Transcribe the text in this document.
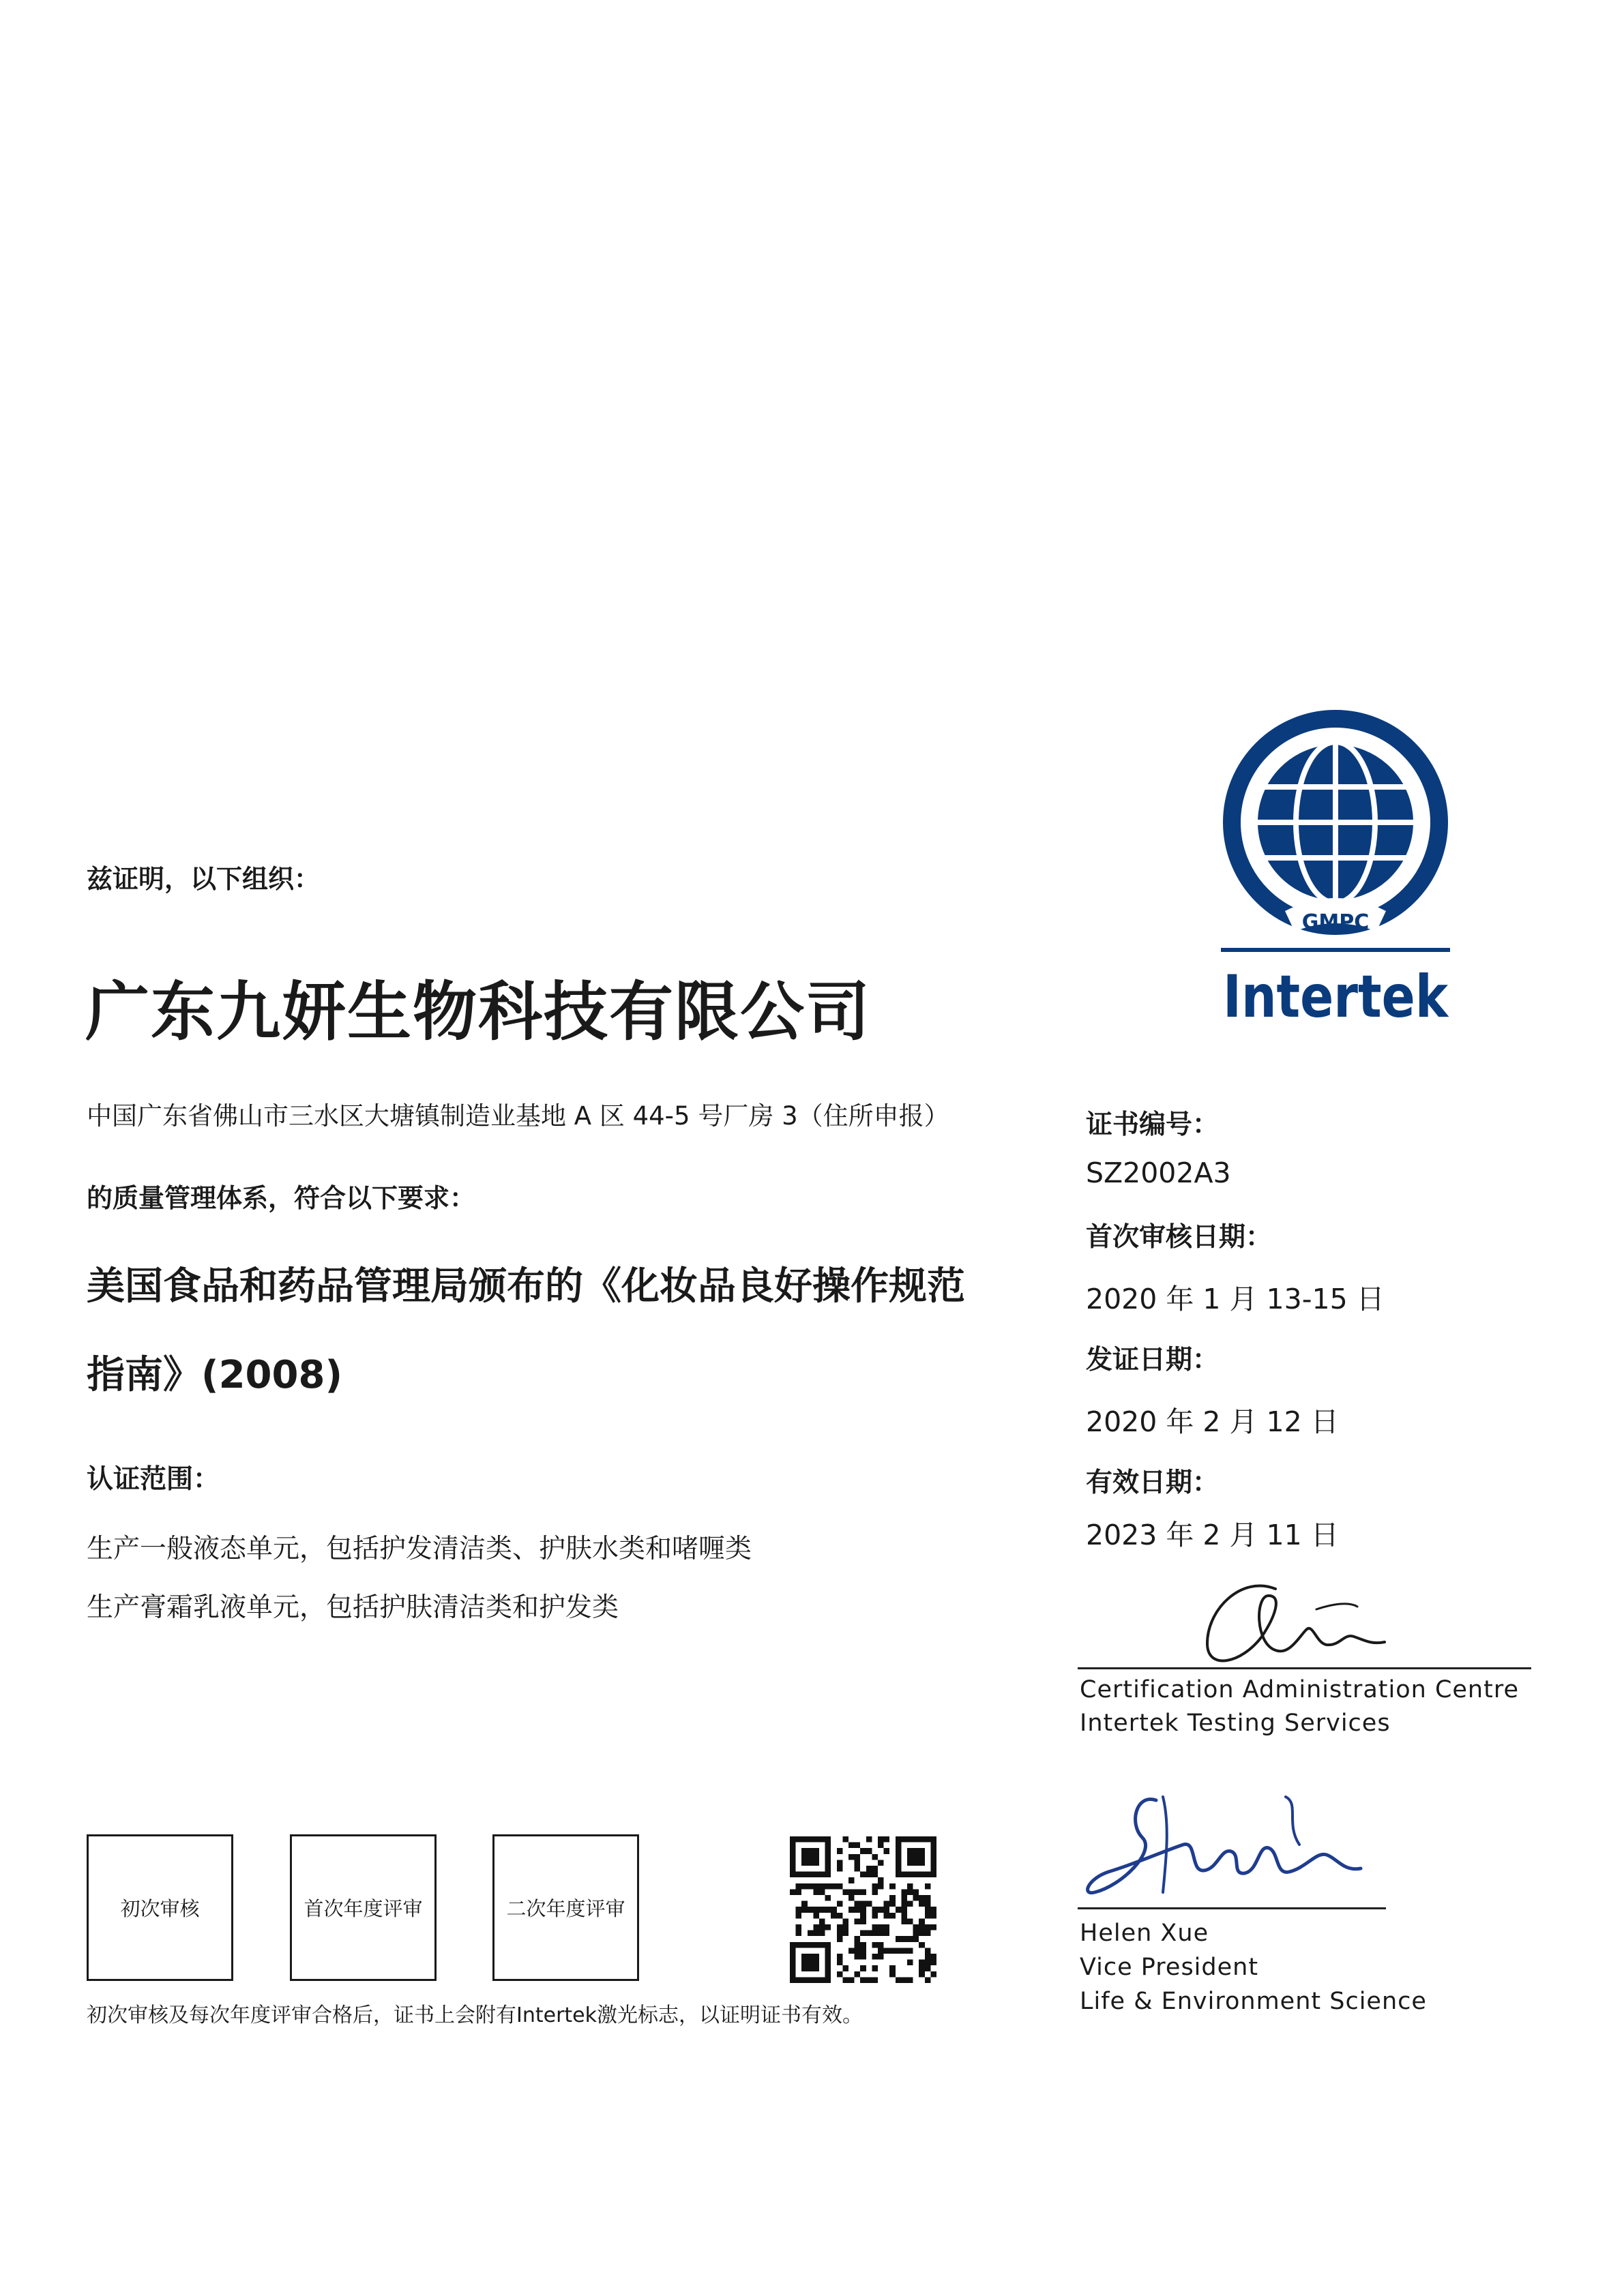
兹证明，以下组织：

广东九妍生物科技有限公司

中国广东省佛山市三水区大塘镇制造业基地 A 区 44-5 号厂房 3（住所申报）

的质量管理体系，符合以下要求：

美国食品和药品管理局颁布的《化妆品良好操作规范

指南》(2008)

认证范围：

生产一般液态单元，包括护发清洁类、护肤水类和啫喱类

生产膏霜乳液单元，包括护肤清洁类和护发类

GMPC
Intertek

证书编号：

SZ2002A3

首次审核日期：

2020 年 1 月 13-15 日

发证日期：

2020 年 2 月 12 日

有效日期：

2023 年 2 月 11 日

Certification Administration Centre

Intertek Testing Services

Helen Xue

Vice President

Life & Environment Science

初次审核	首次年度评审	二次年度评审

初次审核及每次年度评审合格后，证书上会附有Intertek激光标志，以证明证书有效。
